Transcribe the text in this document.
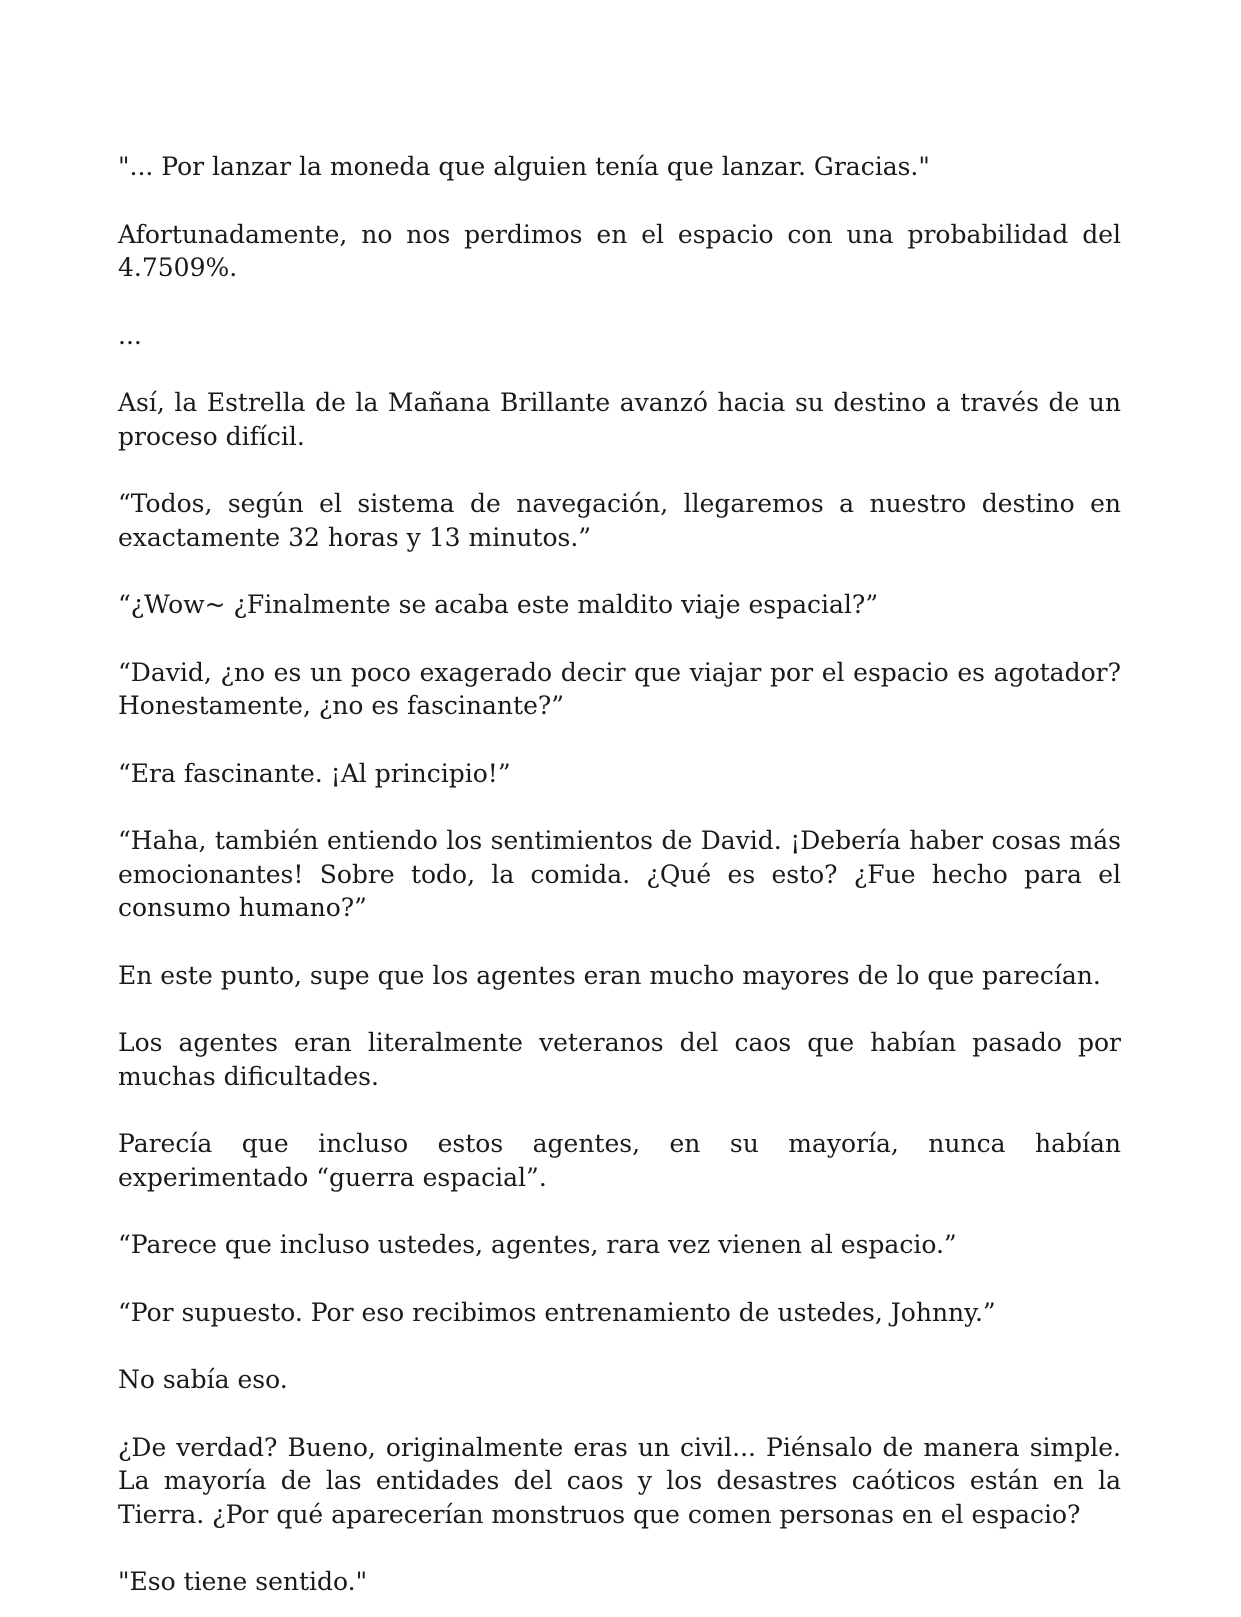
"... Por lanzar la moneda que alguien tenía que lanzar. Gracias."

Afortunadamente, no nos perdimos en el espacio con una probabilidad del 4.7509%.

...

Así, la Estrella de la Mañana Brillante avanzó hacia su destino a través de un proceso difícil.

“Todos, según el sistema de navegación, llegaremos a nuestro destino en exactamente 32 horas y 13 minutos.”

“¿Wow~ ¿Finalmente se acaba este maldito viaje espacial?”

“David, ¿no es un poco exagerado decir que viajar por el espacio es agotador? Honestamente, ¿no es fascinante?”

“Era fascinante. ¡Al principio!”

“Haha, también entiendo los sentimientos de David. ¡Debería haber cosas más emocionantes! Sobre todo, la comida. ¿Qué es esto? ¿Fue hecho para el consumo humano?”

En este punto, supe que los agentes eran mucho mayores de lo que parecían.

Los agentes eran literalmente veteranos del caos que habían pasado por muchas dificultades.

Parecía que incluso estos agentes, en su mayoría, nunca habían experimentado “guerra espacial”.

“Parece que incluso ustedes, agentes, rara vez vienen al espacio.”

“Por supuesto. Por eso recibimos entrenamiento de ustedes, Johnny.”

No sabía eso.

¿De verdad? Bueno, originalmente eras un civil... Piénsalo de manera simple. La mayoría de las entidades del caos y los desastres caóticos están en la Tierra. ¿Por qué aparecerían monstruos que comen personas en el espacio?

"Eso tiene sentido."
